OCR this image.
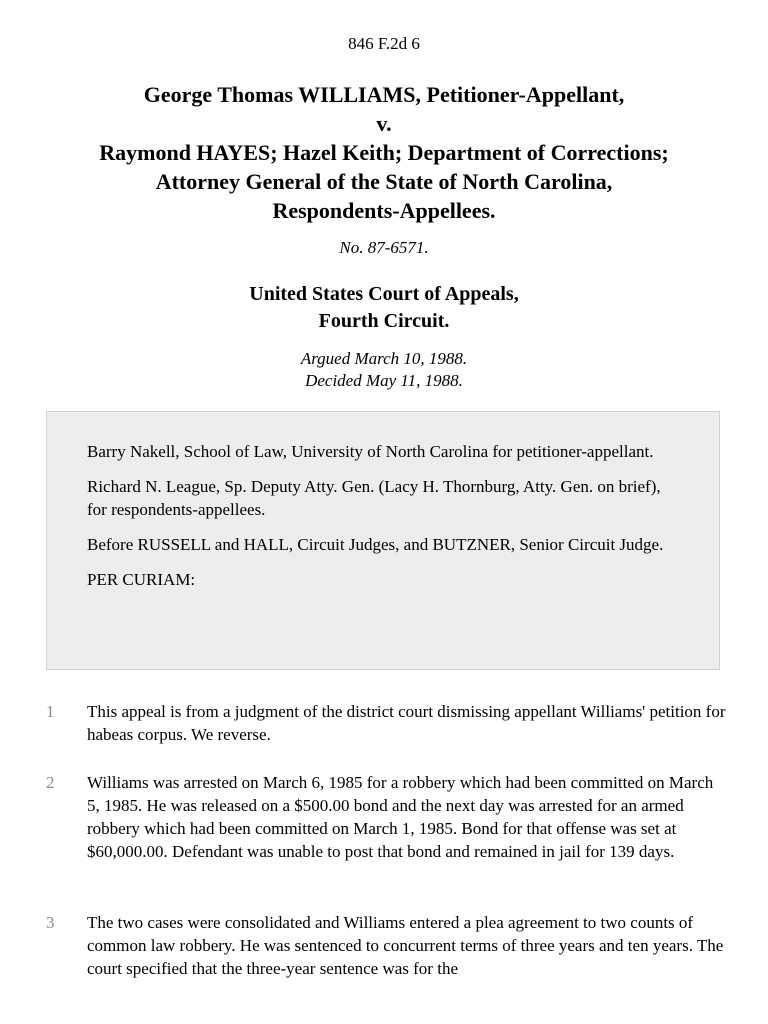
846 F.2d 6
George Thomas WILLIAMS, Petitioner-Appellant,
v.
Raymond HAYES; Hazel Keith; Department of Corrections;
Attorney General of the State of North Carolina,
Respondents-Appellees.
No. 87-6571.
United States Court of Appeals,
Fourth Circuit.
Argued March 10, 1988.
Decided May 11, 1988.

Barry Nakell, School of Law, University of North Carolina for petitioner-appellant.

Richard N. League, Sp. Deputy Atty. Gen. (Lacy H. Thornburg, Atty. Gen. on brief), for respondents-appellees.

Before RUSSELL and HALL, Circuit Judges, and BUTZNER, Senior Circuit Judge.

PER CURIAM:

1 This appeal is from a judgment of the district court dismissing appellant Williams' petition for habeas corpus. We reverse.
2 Williams was arrested on March 6, 1985 for a robbery which had been committed on March 5, 1985. He was released on a $500.00 bond and the next day was arrested for an armed robbery which had been committed on March 1, 1985. Bond for that offense was set at $60,000.00. Defendant was unable to post that bond and remained in jail for 139 days.
3 The two cases were consolidated and Williams entered a plea agreement to two counts of common law robbery. He was sentenced to concurrent terms of three years and ten years. The court specified that the three-year sentence was for the
